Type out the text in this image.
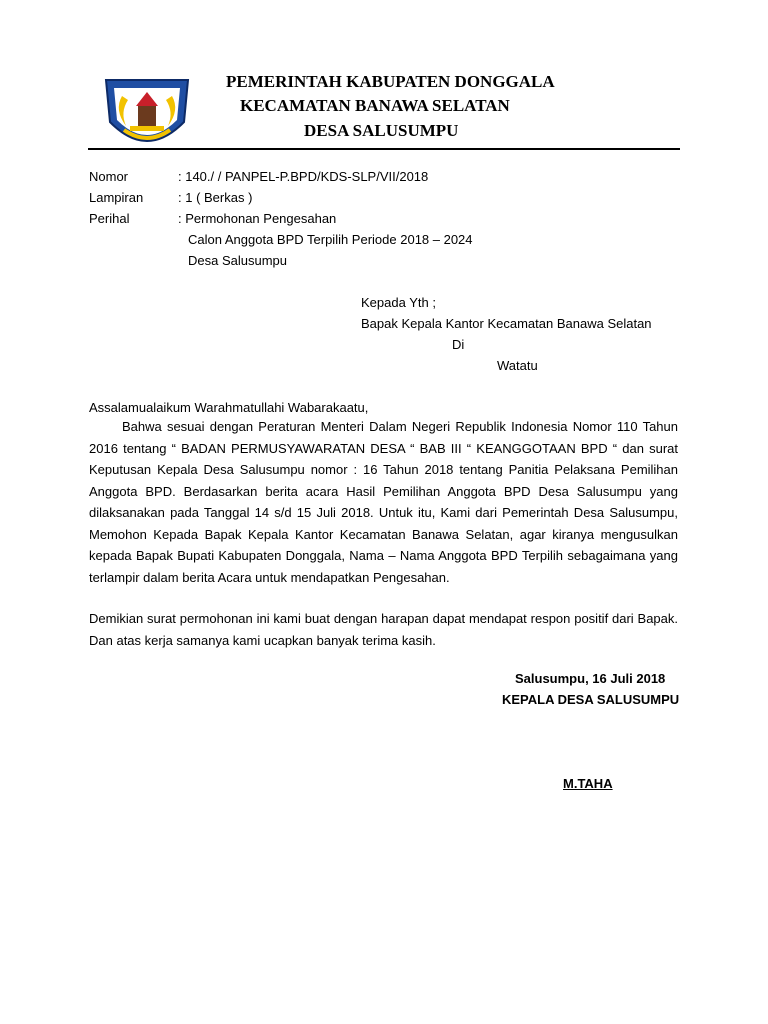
PEMERINTAH KABUPATEN DONGGALA
KECAMATAN BANAWA SELATAN
DESA SALUSUMPU
Nomor	: 140./ / PANPEL-P.BPD/KDS-SLP/VII/2018
Lampiran	: 1 ( Berkas )
Perihal	: Permohonan Pengesahan
Calon Anggota BPD Terpilih Periode 2018 – 2024
Desa Salusumpu
Kepada Yth ;
Bapak Kepala Kantor Kecamatan Banawa Selatan
Di
Watatu
Assalamualaikum Warahmatullahi Wabarakaatu,
Bahwa sesuai dengan Peraturan Menteri Dalam Negeri Republik Indonesia Nomor 110 Tahun 2016 tentang “ BADAN PERMUSYAWARATAN DESA “ BAB III “ KEANGGOTAAN BPD “ dan surat Keputusan Kepala Desa Salusumpu nomor : 16 Tahun 2018 tentang Panitia Pelaksana Pemilihan Anggota BPD. Berdasarkan berita acara Hasil Pemilihan Anggota BPD Desa Salusumpu yang dilaksanakan pada Tanggal 14 s/d 15 Juli 2018. Untuk itu, Kami dari Pemerintah Desa Salusumpu, Memohon Kepada Bapak Kepala Kantor Kecamatan Banawa Selatan, agar kiranya mengusulkan kepada Bapak Bupati Kabupaten Donggala, Nama – Nama Anggota BPD Terpilih sebagaimana yang terlampir dalam berita Acara untuk mendapatkan Pengesahan.
Demikian surat permohonan ini kami buat dengan harapan dapat mendapat respon positif dari Bapak. Dan atas kerja samanya kami ucapkan banyak terima kasih.
Salusumpu, 16 Juli 2018
KEPALA DESA SALUSUMPU
M.TAHA
